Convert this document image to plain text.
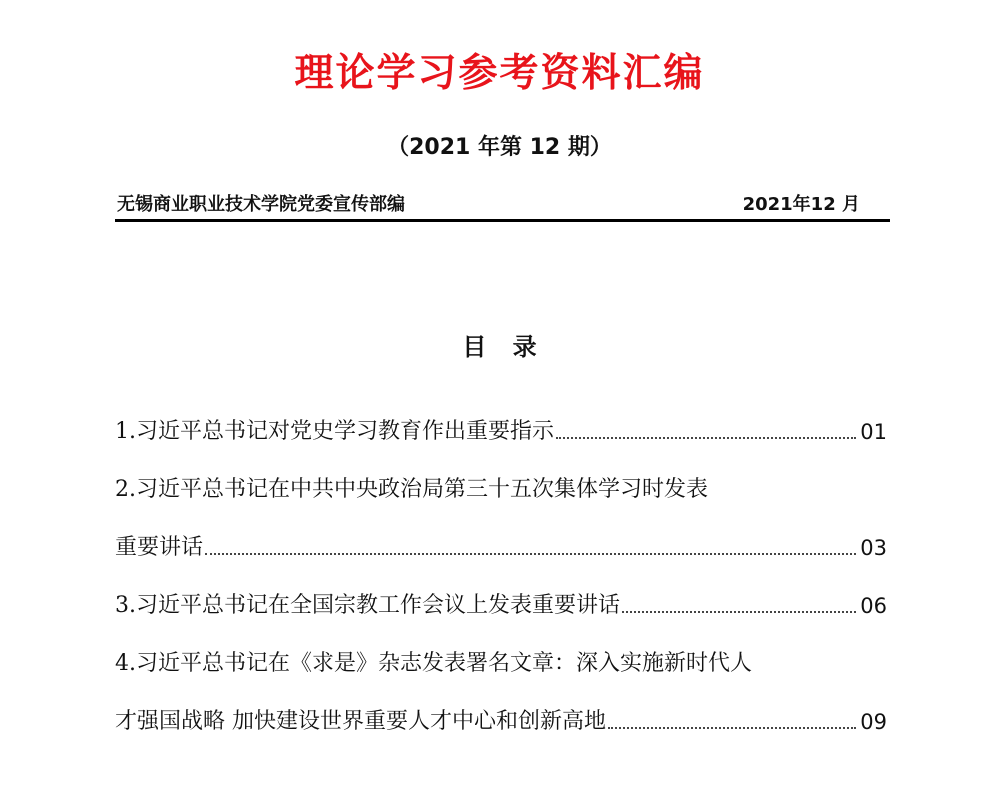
理论学习参考资料汇编
（2021 年第 12 期）
无锡商业职业技术学院党委宣传部编	2021年12 月
目 录
1.习近平总书记对党史学习教育作出重要指示	01
2.习近平总书记在中共中央政治局第三十五次集体学习时发表
重要讲话	03
3.习近平总书记在全国宗教工作会议上发表重要讲话	06
4.习近平总书记在《求是》杂志发表署名文章：深入实施新时代人
才强国战略 加快建设世界重要人才中心和创新高地	09
